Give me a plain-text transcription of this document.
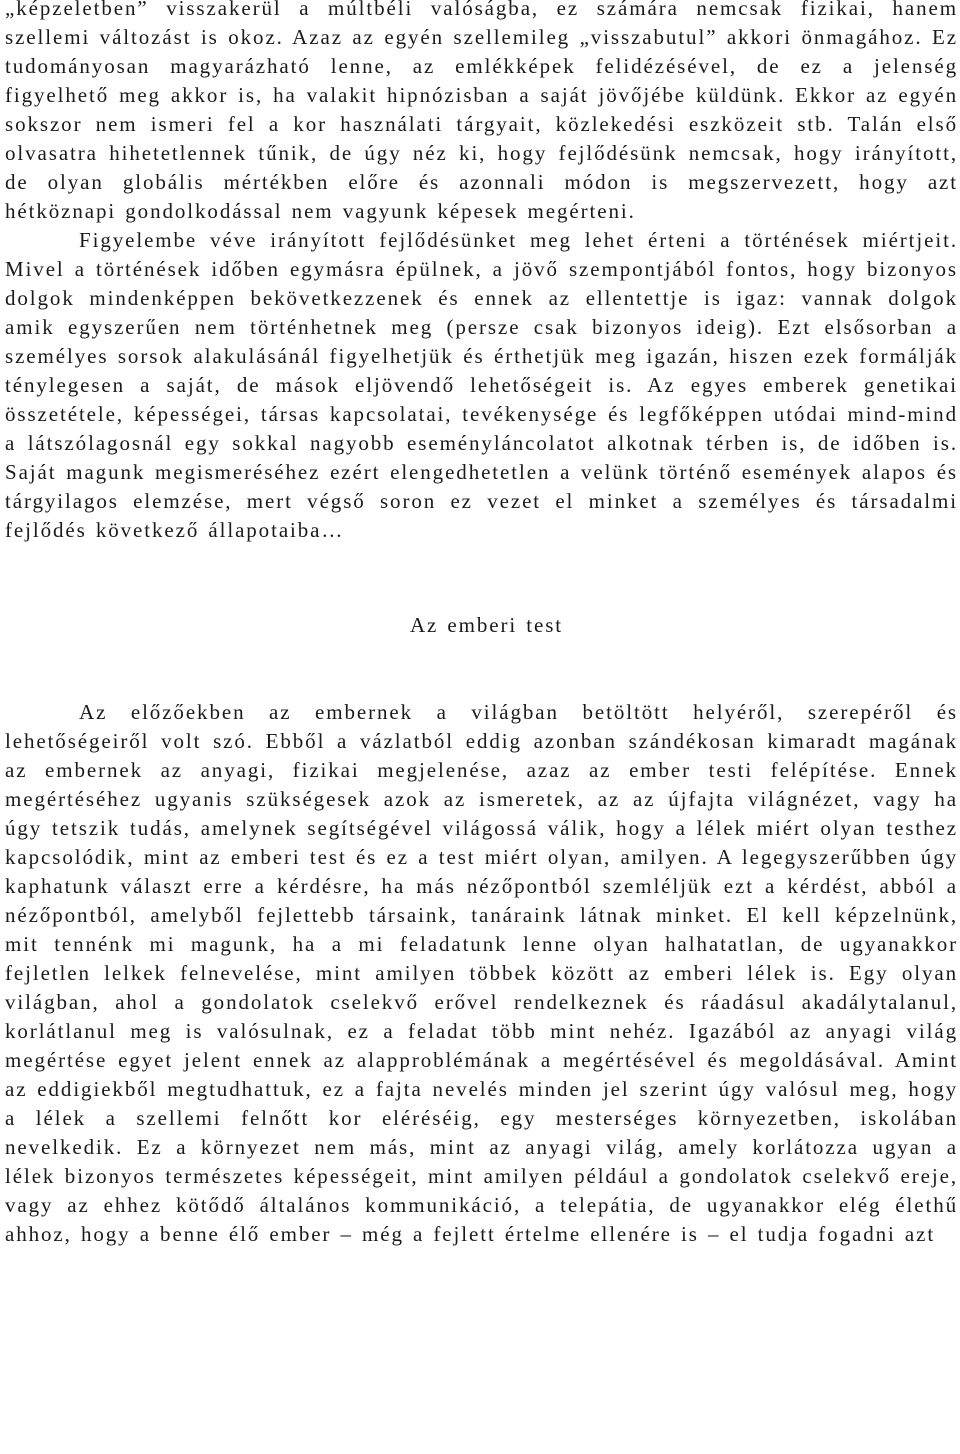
„képzeletben” visszakerül a múltbéli valóságba, ez számára nemcsak fizikai, hanem szellemi változást is okoz. Azaz az egyén szellemileg „visszabutul” akkori önmagához. Ez tudományosan magyarázható lenne, az emlékképek felidézésével, de ez a jelenség figyelhető meg akkor is, ha valakit hipnózisban a saját jövőjébe küldünk. Ekkor az egyén sokszor nem ismeri fel a kor használati tárgyait, közlekedési eszközeit stb. Talán első olvasatra hihetetlennek tűnik, de úgy néz ki, hogy fejlődésünk nemcsak, hogy irányított, de olyan globális mértékben előre és azonnali módon is megszervezett, hogy azt hétköznapi gondolkodással nem vagyunk képesek megérteni.

Figyelembe véve irányított fejlődésünket meg lehet érteni a történések miértjeit. Mivel a történések időben egymásra épülnek, a jövő szempontjából fontos, hogy bizonyos dolgok mindenképpen bekövetkezzenek és ennek az ellentettje is igaz: vannak dolgok amik egyszerűen nem történhetnek meg (persze csak bizonyos ideig). Ezt elsősorban a személyes sorsok alakulásánál figyelhetjük és érthetjük meg igazán, hiszen ezek formálják ténylegesen a saját, de mások eljövendő lehetőségeit is. Az egyes emberek genetikai összetétele, képességei, társas kapcsolatai, tevékenysége és legfőképpen utódai mind-mind a látszólagosnál egy sokkal nagyobb eseményláncolatot alkotnak térben is, de időben is. Saját magunk megismeréséhez ezért elengedhetetlen a velünk történő események alapos és tárgyilagos elemzése, mert végső soron ez vezet el minket a személyes és társadalmi fejlődés következő állapotaiba…

Az emberi test

Az előzőekben az embernek a világban betöltött helyéről, szerepéről és lehetőségeiről volt szó. Ebből a vázlatból eddig azonban szándékosan kimaradt magának az embernek az anyagi, fizikai megjelenése, azaz az ember testi felépítése. Ennek megértéséhez ugyanis szükségesek azok az ismeretek, az az újfajta világnézet, vagy ha úgy tetszik tudás, amelynek segítségével világossá válik, hogy a lélek miért olyan testhez kapcsolódik, mint az emberi test és ez a test miért olyan, amilyen. A legegyszerűbben úgy kaphatunk választ erre a kérdésre, ha más nézőpontból szemléljük ezt a kérdést, abból a nézőpontból, amelyből fejlettebb társaink, tanáraink látnak minket. El kell képzelnünk, mit tennénk mi magunk, ha a mi feladatunk lenne olyan halhatatlan, de ugyanakkor fejletlen lelkek felnevelése, mint amilyen többek között az emberi lélek is. Egy olyan világban, ahol a gondolatok cselekvő erővel rendelkeznek és ráadásul akadálytalanul, korlátlanul meg is valósulnak, ez a feladat több mint nehéz. Igazából az anyagi világ megértése egyet jelent ennek az alapproblémának a megértésével és megoldásával. Amint az eddigiekből megtudhattuk, ez a fajta nevelés minden jel szerint úgy valósul meg, hogy a lélek a szellemi felnőtt kor eléréséig, egy mesterséges környezetben, iskolában nevelkedik. Ez a környezet nem más, mint az anyagi világ, amely korlátozza ugyan a lélek bizonyos természetes képességeit, mint amilyen például a gondolatok cselekvő ereje, vagy az ehhez kötődő általános kommunikáció, a telepátia, de ugyanakkor elég élethű ahhoz, hogy a benne élő ember – még a fejlett értelme ellenére is – el tudja fogadni azt
